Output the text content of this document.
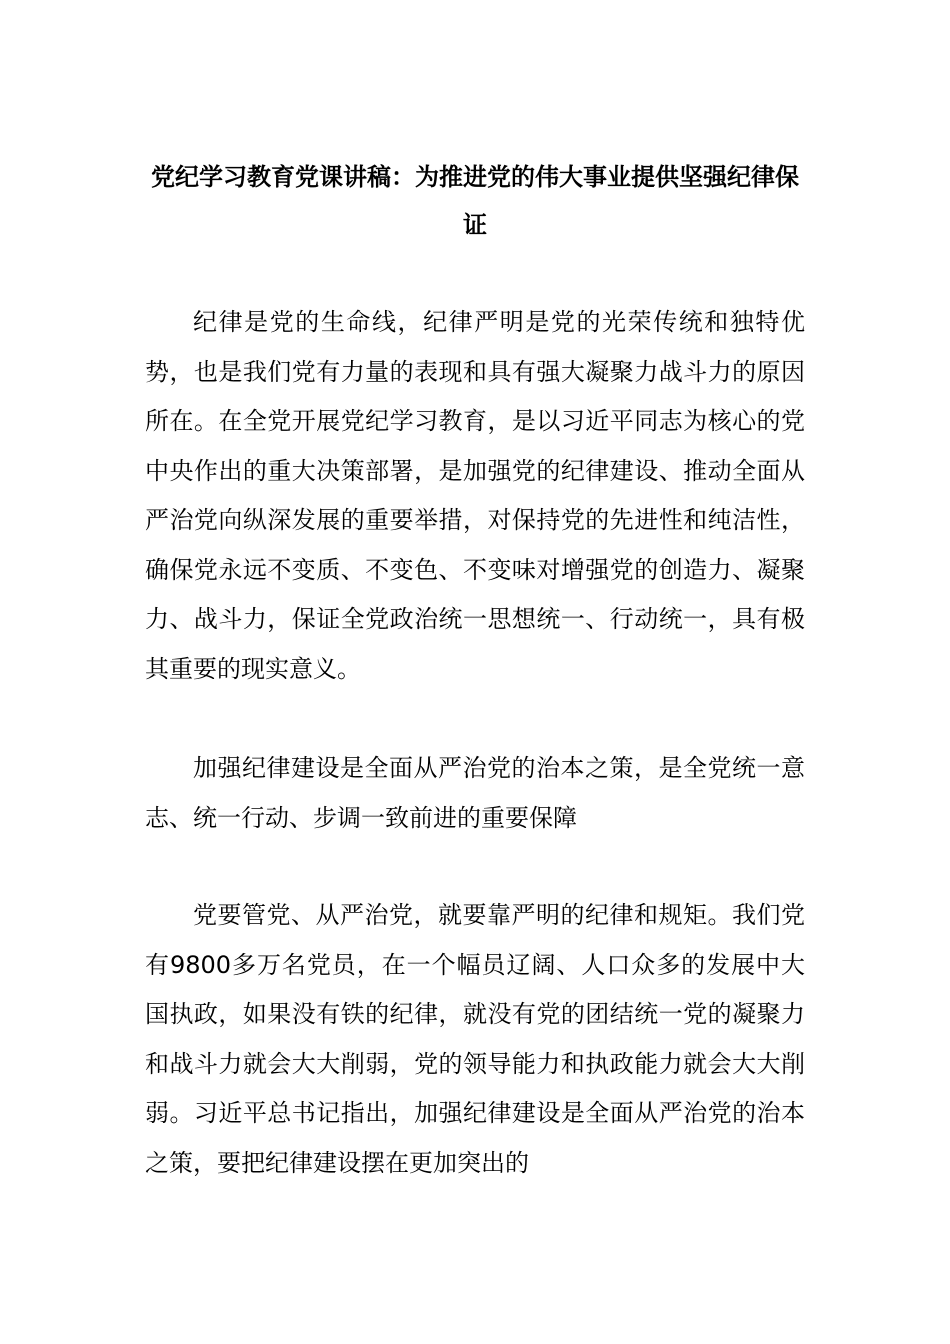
党纪学习教育党课讲稿：为推进党的伟大事业提供坚强纪律保证

纪律是党的生命线，纪律严明是党的光荣传统和独特优势，也是我们党有力量的表现和具有强大凝聚力战斗力的原因所在。在全党开展党纪学习教育，是以习近平同志为核心的党中央作出的重大决策部署，是加强党的纪律建设、推动全面从严治党向纵深发展的重要举措，对保持党的先进性和纯洁性，确保党永远不变质、不变色、不变味对增强党的创造力、凝聚力、战斗力，保证全党政治统一思想统一、行动统一，具有极其重要的现实意义。

加强纪律建设是全面从严治党的治本之策，是全党统一意志、统一行动、步调一致前进的重要保障

党要管党、从严治党，就要靠严明的纪律和规矩。我们党有9800多万名党员，在一个幅员辽阔、人口众多的发展中大国执政，如果没有铁的纪律，就没有党的团结统一党的凝聚力和战斗力就会大大削弱，党的领导能力和执政能力就会大大削弱。习近平总书记指出，加强纪律建设是全面从严治党的治本之策，要把纪律建设摆在更加突出的
